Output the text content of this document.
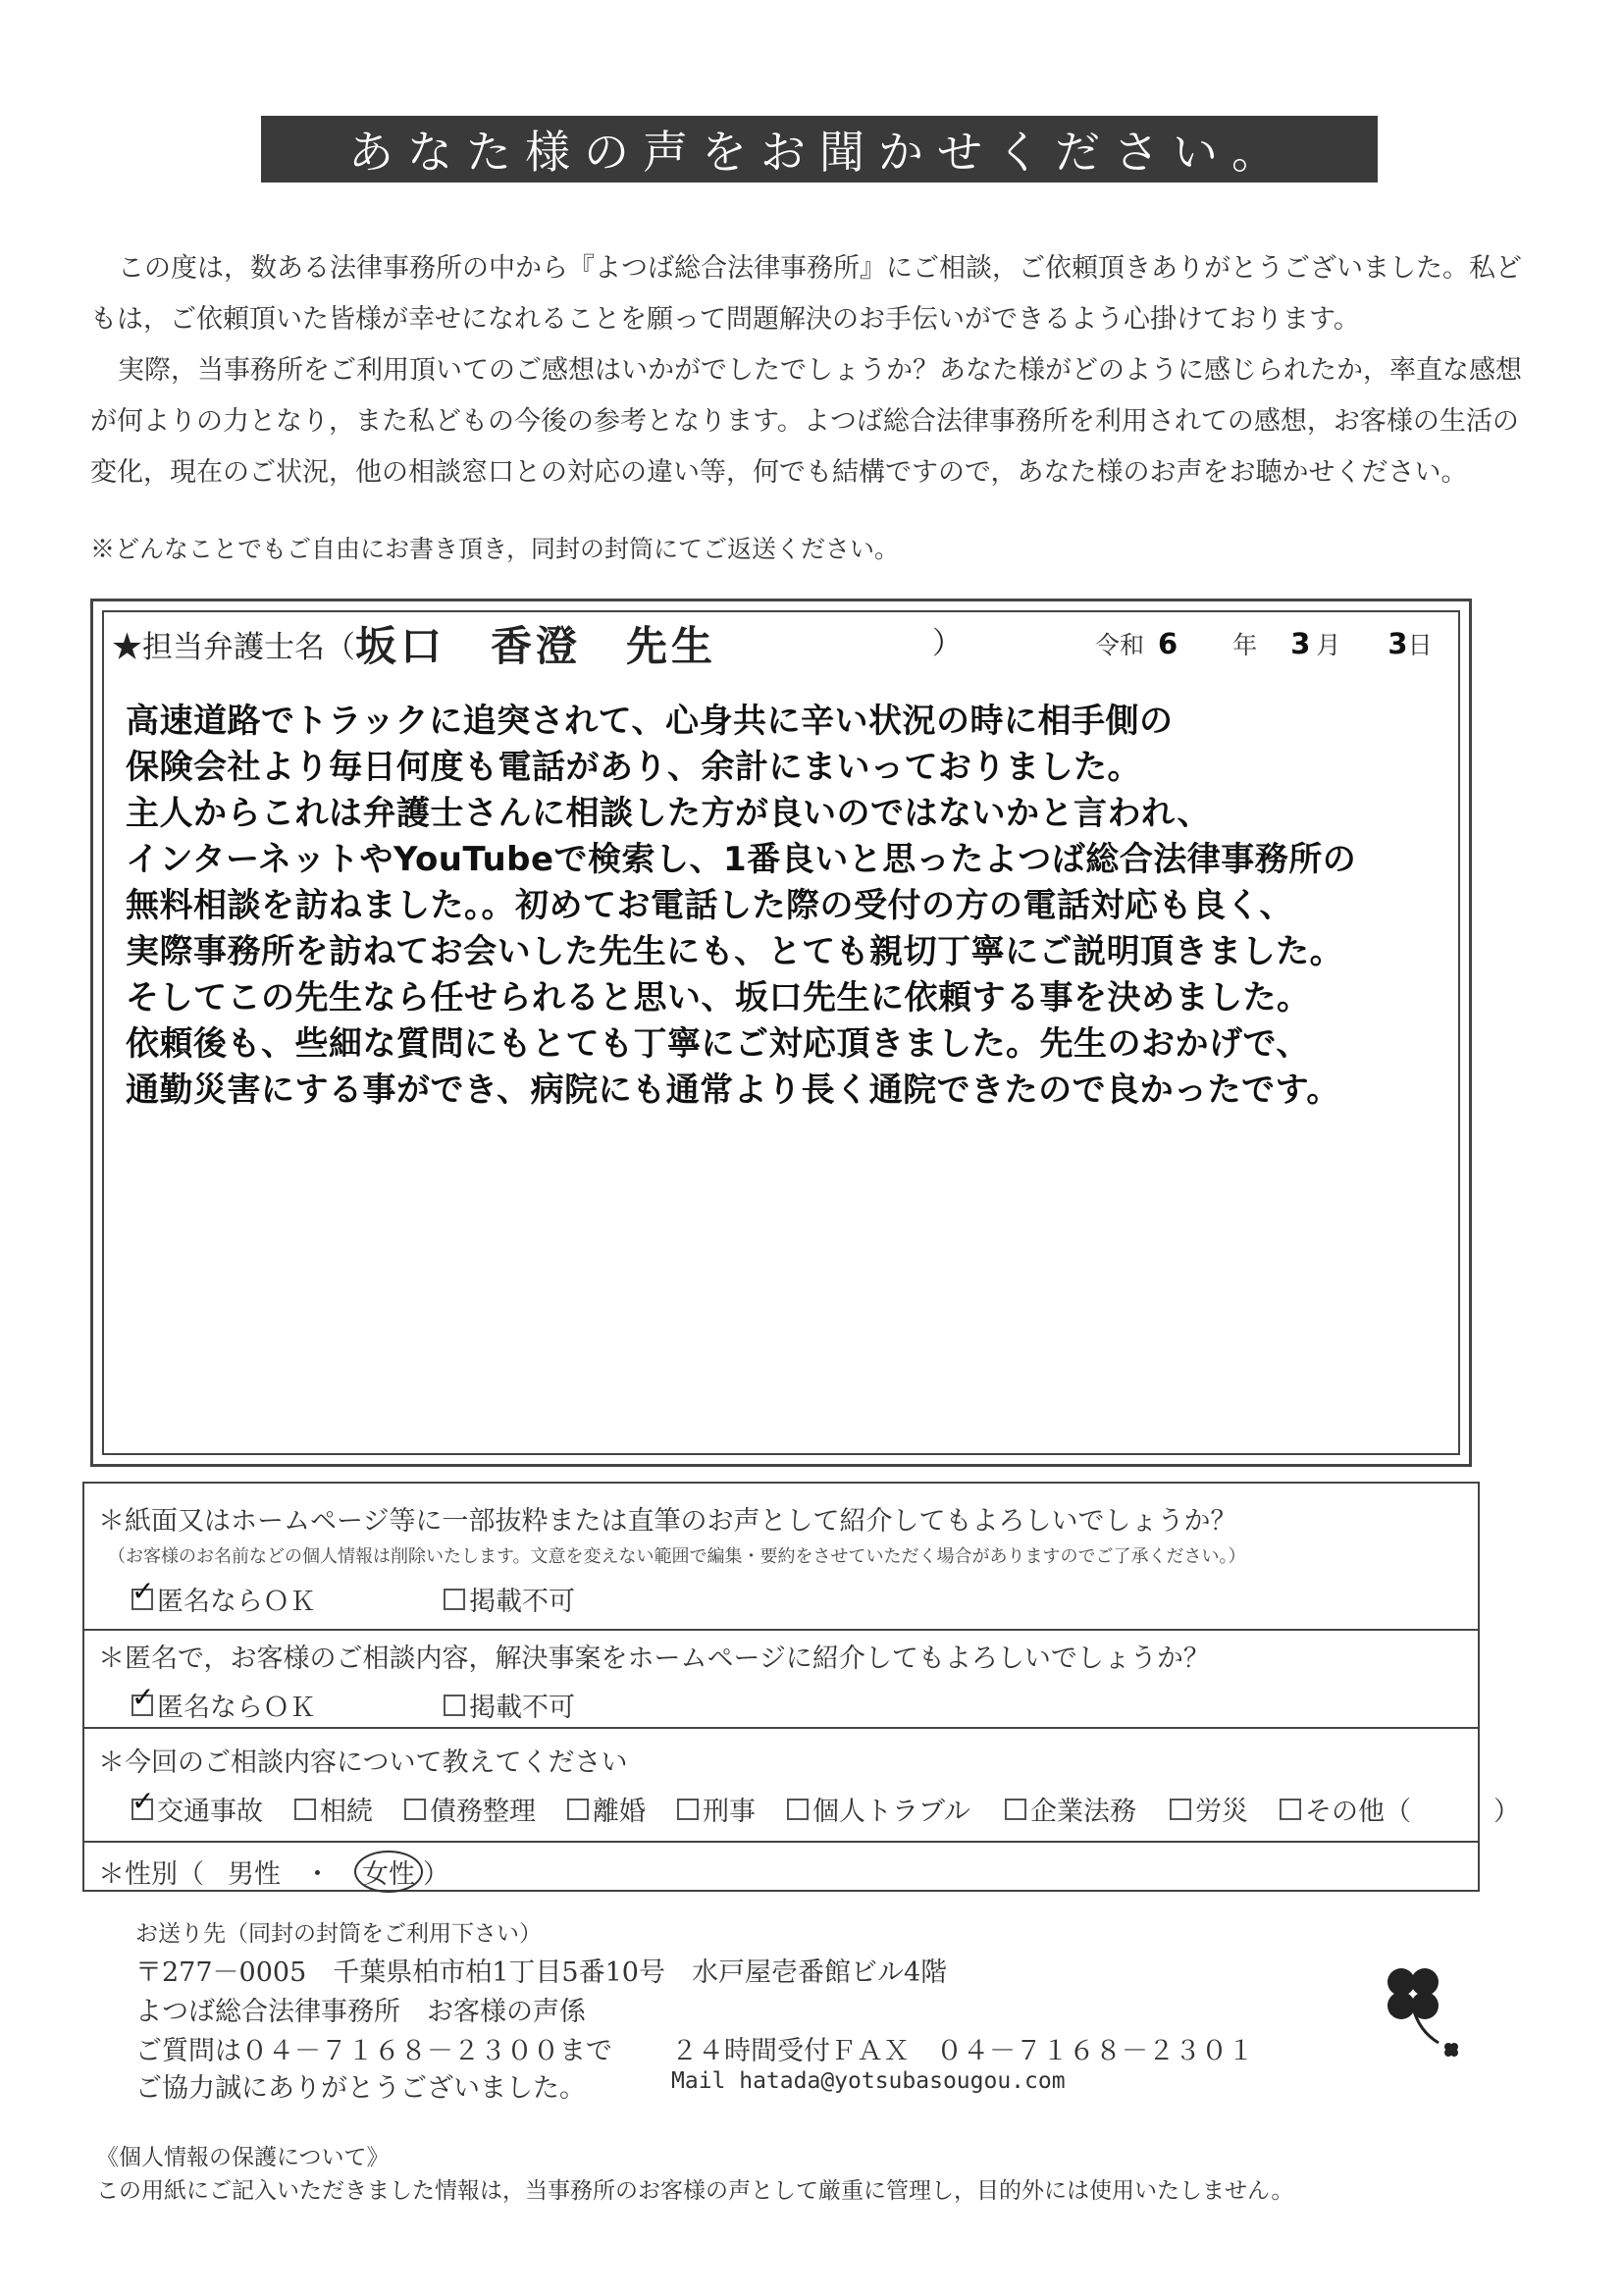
あなた様の声をお聞かせください。

この度は，数ある法律事務所の中から『よつば総合法律事務所』にご相談，ご依頼頂きありがとうございました。私どもは，ご依頼頂いた皆様が幸せになれることを願って問題解決のお手伝いができるよう心掛けております。

実際，当事務所をご利用頂いてのご感想はいかがでしたでしょうか？あなた様がどのように感じられたか，率直な感想が何よりの力となり，また私どもの今後の参考となります。よつば総合法律事務所を利用されての感想，お客様の生活の変化，現在のご状況，他の相談窓口との対応の違い等，何でも結構ですので，あなた様のお声をお聴かせください。

※どんなことでもご自由にお書き頂き，同封の封筒にてご返送ください。
★担当弁護士名（ 坂口　香澄　先生	）	令和 6 年 3 月 3 日
高速道路でトラックに追突されて、心身共に辛い状況の時に相手側の
保険会社より毎日何度も電話があり、余計にまいっておりました。
主人からこれは弁護士さんに相談した方が良いのではないかと言われ、
インターネットやYouTubeで検索し、1番良いと思ったよつば総合法律事務所の
無料相談を訪ねました。。初めてお電話した際の受付の方の電話対応も良く、
実際事務所を訪ねてお会いした先生にも、とても親切丁寧にご説明頂きました。
そしてこの先生なら任せられると思い、坂口先生に依頼する事を決めました。
依頼後も、些細な質問にもとても丁寧にご対応頂きました。先生のおかげで、
通勤災害にする事ができ、病院にも通常より長く通院できたので良かったです。
＊紙面又はホームページ等に一部抜粋または直筆のお声として紹介してもよろしいでしょうか？
（お客様のお名前などの個人情報は削除いたします。文意を変えない範囲で編集・要約をさせていただく場合がありますのでご了承ください。）
✓
匿名ならＯＫ	掲載不可
＊匿名で，お客様のご相談内容，解決事案をホームページに紹介してもよろしいでしょうか？
✓
匿名ならＯＫ	掲載不可
＊今回のご相談内容について教えてください
✓
交通事故 相続 債務整理 離婚 刑事 個人トラブル 企業法務 労災 その他（	）
＊性別（ 男性 ・ 女性 ）
お送り先（同封の封筒をご利用下さい）
〒277－0005　千葉県柏市柏1丁目5番10号　水戸屋壱番館ビル4階
よつば総合法律事務所　お客様の声係
ご質問は０４－７１６８－２３００まで ２４時間受付ＦＡＸ　０４－７１６８－２３０１
ご協力誠にありがとうございました。	Mail hatada@yotsubasougou.com
《個人情報の保護について》
この用紙にご記入いただきました情報は，当事務所のお客様の声として厳重に管理し，目的外には使用いたしません。
